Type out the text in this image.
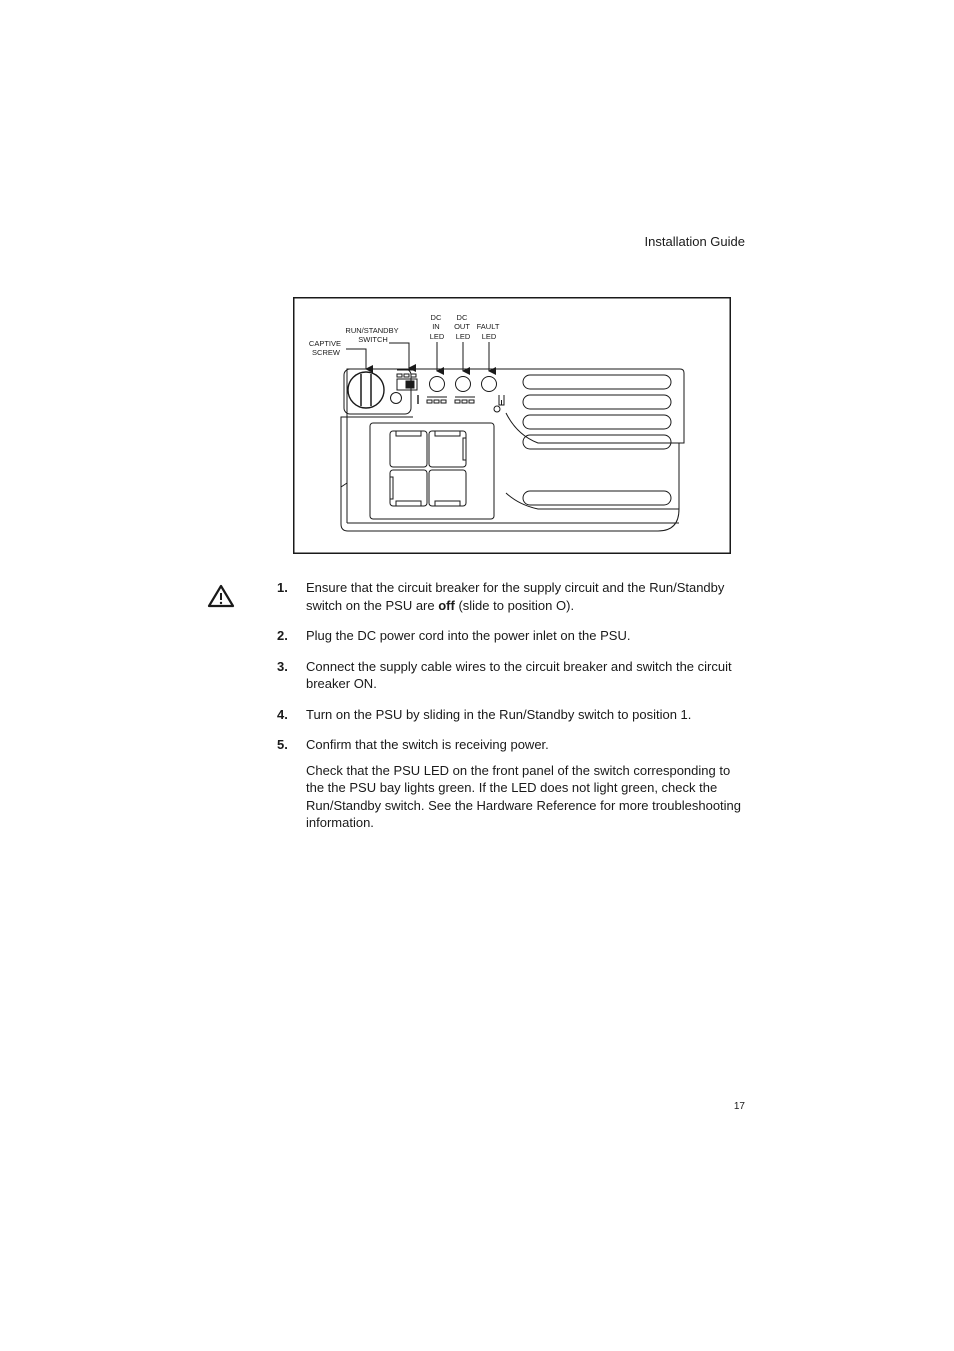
Installation Guide
CAPTIVE SCREW
RUN/STANDBY SWITCH
DC IN LED
DC OUT LED
FAULT LED
1. Ensure that the circuit breaker for the supply circuit and the Run/Standby switch on the PSU are off (slide to position O).

2. Plug the DC power cord into the power inlet on the PSU.

3. Connect the supply cable wires to the circuit breaker and switch the circuit breaker ON.

4. Turn on the PSU by sliding in the Run/Standby switch to position 1.

5. Confirm that the switch is receiving power.

Check that the PSU LED on the front panel of the switch corresponding to the the PSU bay lights green. If the LED does not light green, check the Run/Standby switch. See the Hardware Reference for more troubleshooting information.

17
